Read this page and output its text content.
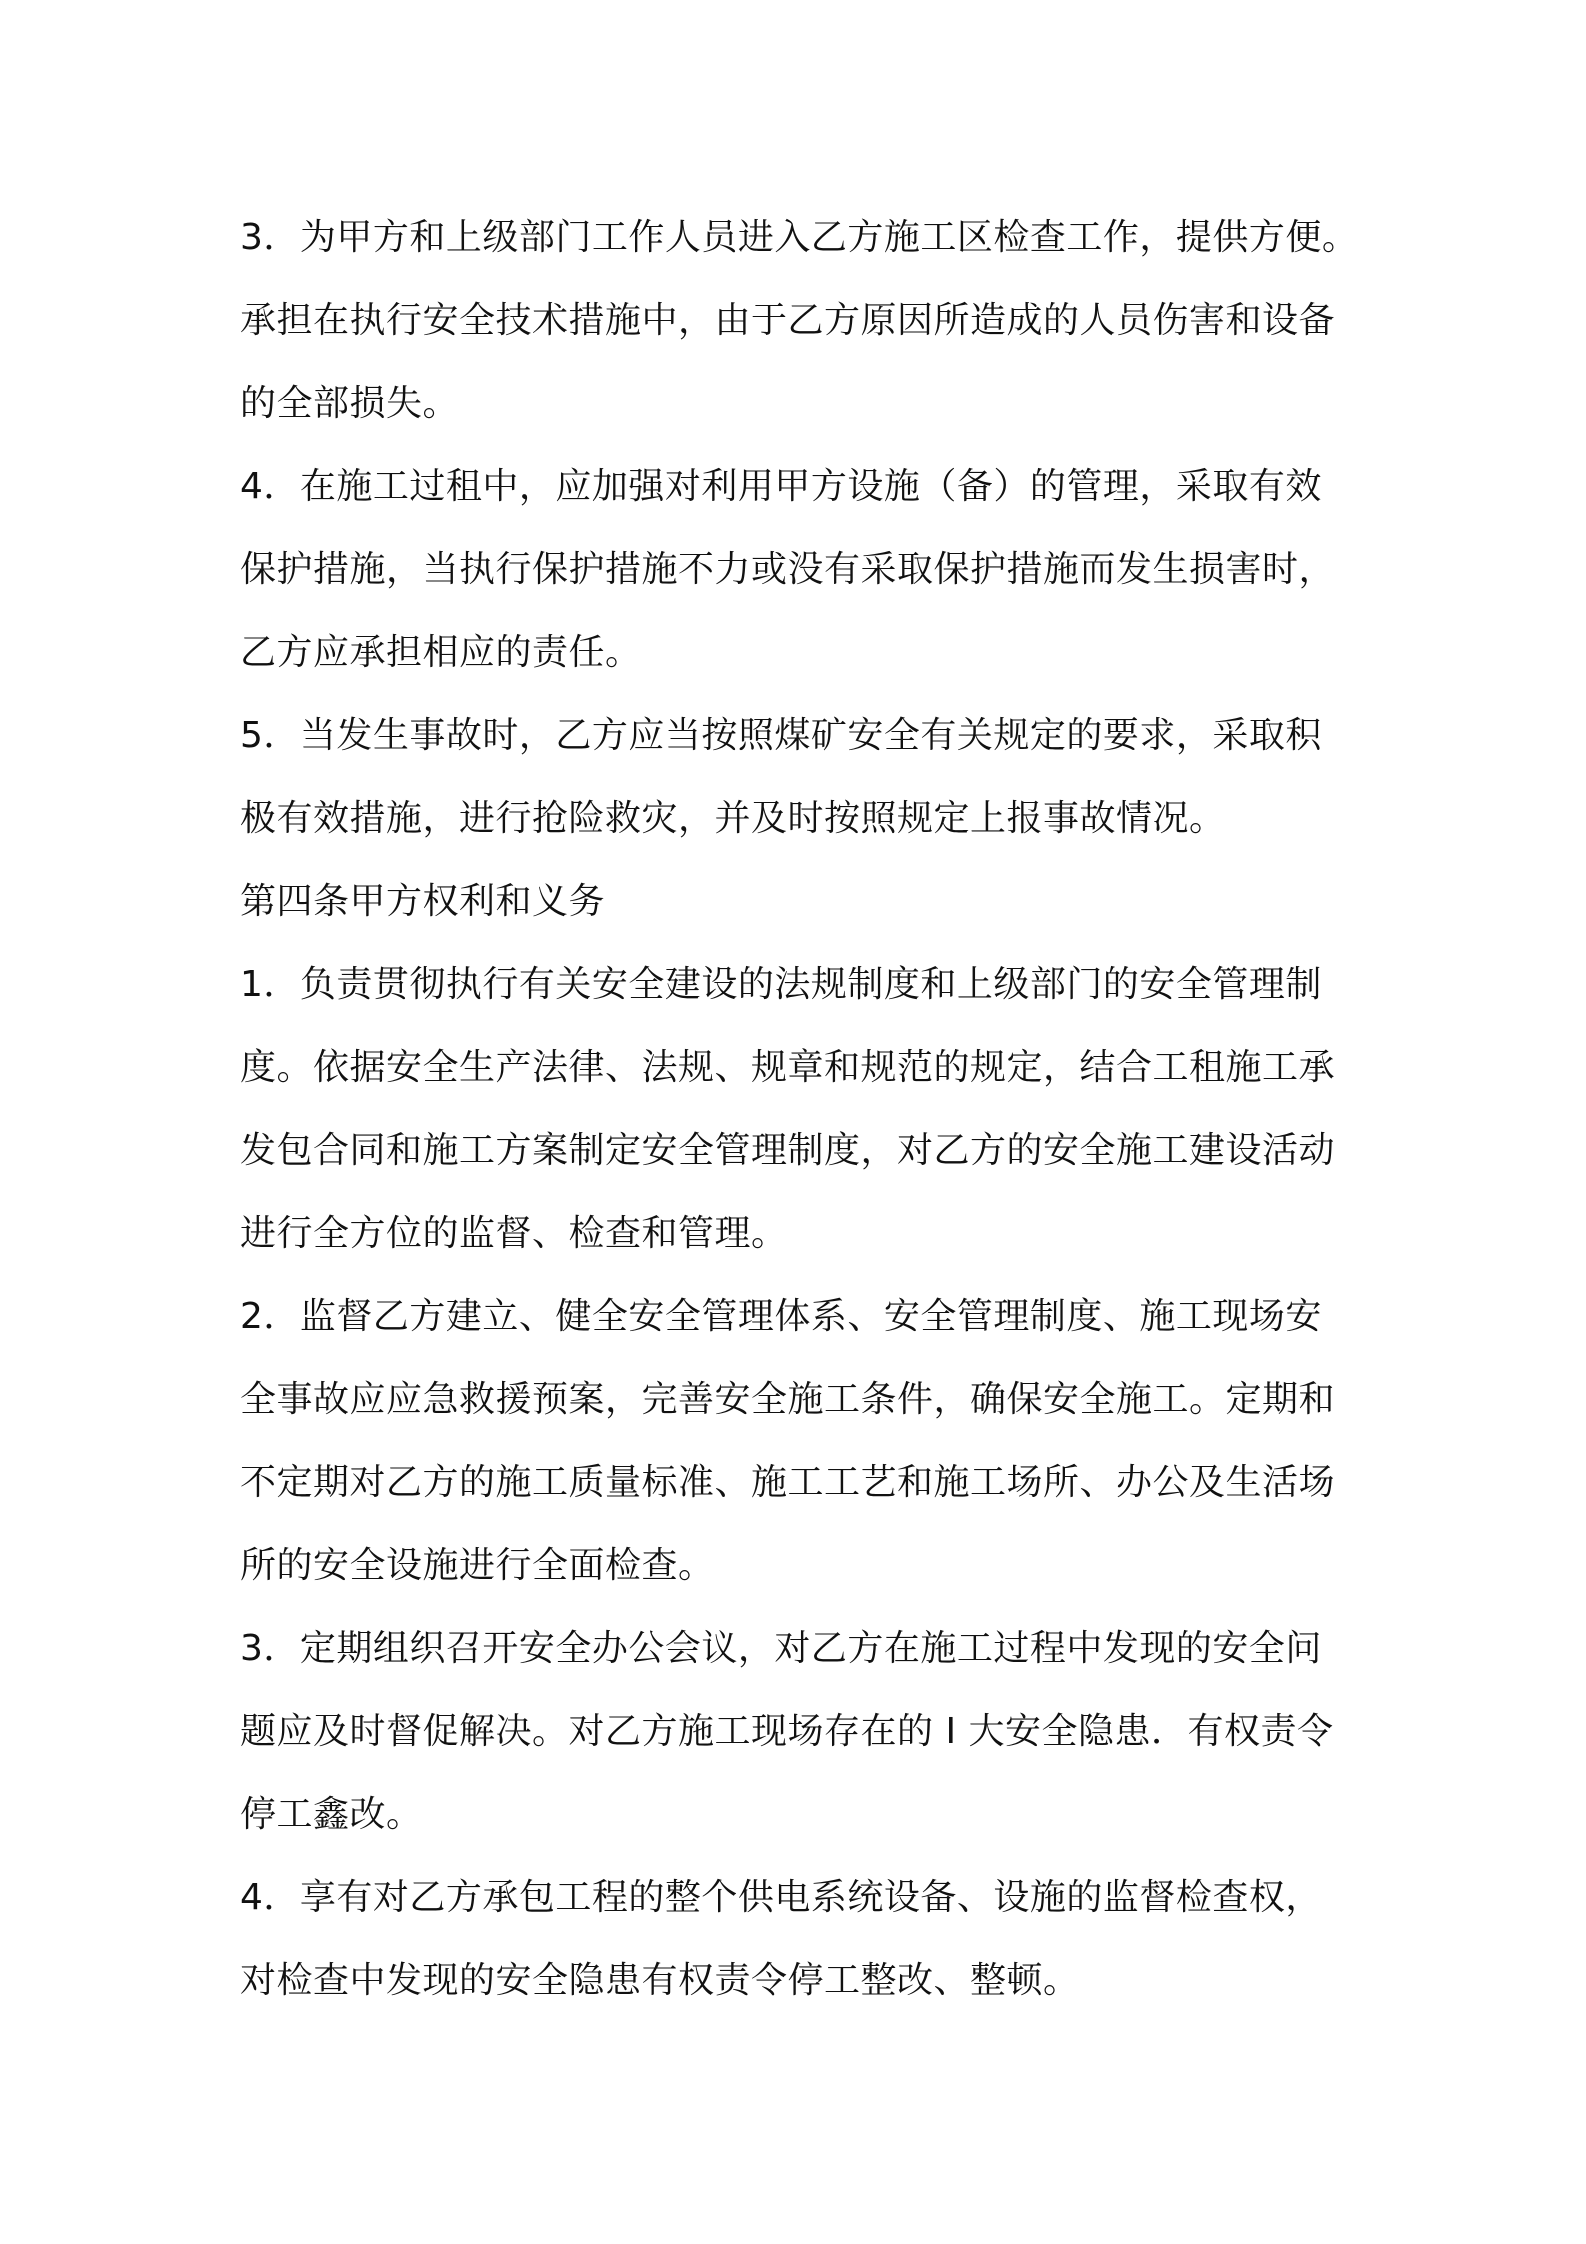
3．为甲方和上级部门工作人员进入乙方施工区检查工作，提供方便。

承担在执行安全技术措施中，由于乙方原因所造成的人员伤害和设备

的全部损失。

4．在施工过租中，应加强对利用甲方设施（备）的管理，采取有效

保护措施，当执行保护措施不力或没有采取保护措施而发生损害时，

乙方应承担相应的责任。

5．当发生事故时，乙方应当按照煤矿安全有关规定的要求，采取积

极有效措施，进行抢险救灾，并及时按照规定上报事故情况。

第四条甲方权利和义务

1．负责贯彻执行有关安全建设的法规制度和上级部门的安全管理制

度。依据安全生产法律、法规、规章和规范的规定，结合工租施工承

发包合同和施工方案制定安全管理制度，对乙方的安全施工建设活动

进行全方位的监督、检查和管理。

2．监督乙方建立、健全安全管理体系、安全管理制度、施工现场安

全事故应应急救援预案，完善安全施工条件，确保安全施工。定期和

不定期对乙方的施工质量标准、施工工艺和施工场所、办公及生活场

所的安全设施进行全面检查。

3．定期组织召开安全办公会议，对乙方在施工过程中发现的安全问

题应及时督促解决。对乙方施工现场存在的 I 大安全隐患．有权责令

停工鑫改。

4．享有对乙方承包工程的整个供电系统设备、设施的监督检查权，

对检查中发现的安全隐患有权责令停工整改、整顿。
